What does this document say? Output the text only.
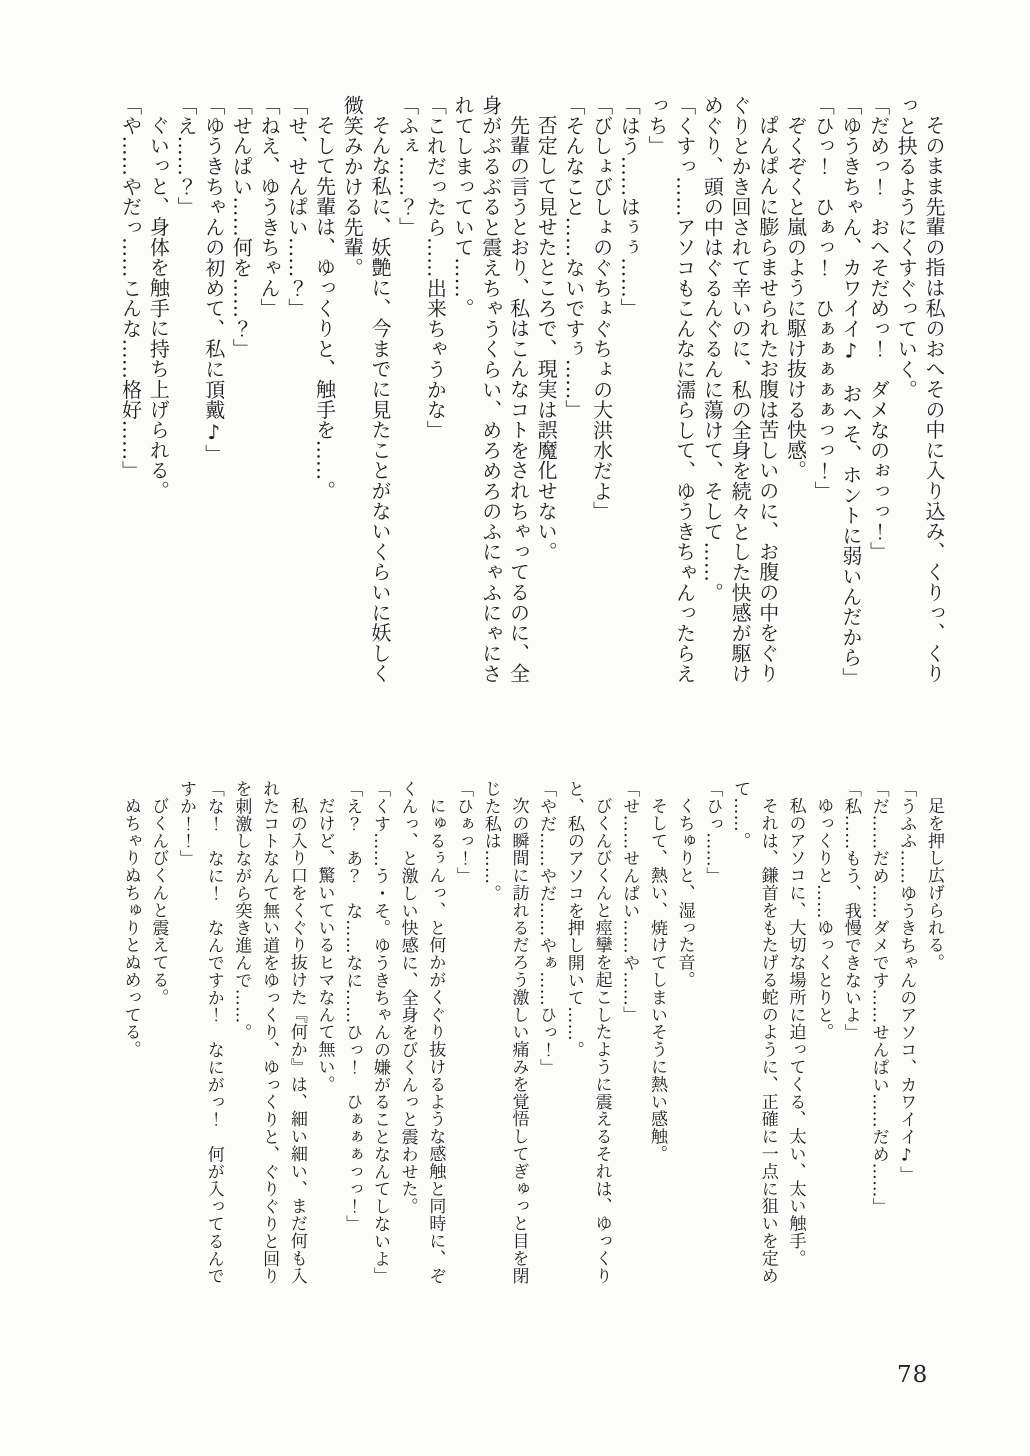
そのまま先輩の指は私のおへその中に入り込み、くりっ、くり
っと抉るようにくすぐっていく。
「だめっ！　おへそだめっ！　ダメなのぉっっ！」
「ゆうきちゃん、カワイイ♪　おへそ、ホントに弱いんだから」
「ひっ！　ひぁっ！　ひぁぁぁぁぁっっ！」
ぞくぞくと嵐のように駆け抜ける快感。
ぱんぱんに膨らませられたお腹は苦しいのに、お腹の中をぐり
ぐりとかき回されて辛いのに、私の全身を続々とした快感が駆け
めぐり、頭の中はぐるんぐるんに蕩けて、そして……。
「くすっ……アソコもこんなに濡らして、ゆうきちゃんったらえ
っち」
「はう……はぅぅ……」
「びしょびしょのぐちょぐちょの大洪水だよ」
「そんなこと……ないですぅ……」
否定して見せたところで、現実は誤魔化せない。
先輩の言うとおり、私はこんなコトをされちゃってるのに、全
身がぶるぶると震えちゃうくらい、めろめろのふにゃふにゃにさ
れてしまっていて……。
「これだったら……出来ちゃうかな」
「ふぇ……？」
そんな私に、妖艶に、今までに見たことがないくらいに妖しく
微笑みかける先輩。
そして先輩は、ゆっくりと、触手を……。
「せ、せんぱい……？」
「ねえ、ゆうきちゃん」
「せんぱい……何を……？」
「ゆうきちゃんの初めて、私に頂戴♪」
「え……？」
ぐいっと、身体を触手に持ち上げられる。
「や……やだっ……こんな……格好……」
足を押し広げられる。
「うふふ……ゆうきちゃんのアソコ、カワイイ♪」
「だ……だめ……ダメです……せんぱい……だめ……」
「私……もう、我慢できないよ」
ゆっくりと……ゆっくとりと。
私のアソコに、大切な場所に迫ってくる、太い、太い触手。
それは、鎌首をもたげる蛇のように、正確に一点に狙いを定め
て……。
「ひっ……」
くちゅりと、湿った音。
そして、熱い、焼けてしまいそうに熱い感触。
「せ……せんぱい……や……」
びくんびくんと痙攣を起こしたように震えるそれは、ゆっくり
と、私のアソコを押し開いて……。
「やだ……やだ……やぁ……ひっ！」
次の瞬間に訪れるだろう激しい痛みを覚悟してぎゅっと目を閉
じた私は……。
「ひぁっ！」
にゅるぅんっ、と何かがくぐり抜けるような感触と同時に、ぞ
くんっ、と激しい快感に、全身をびくんっと震わせた。
「くす……う・そ。ゆうきちゃんの嫌がることなんてしないよ」
「え？　あ？　な……なに……ひっ！　ひぁぁぁっっ！」
だけど、驚いているヒマなんて無い。
私の入り口をくぐり抜けた『何か』は、細い細い、まだ何も入
れたコトなんて無い道をゆっくり、ゆっくりと、ぐりぐりと回り
を刺激しながら突き進んで……。
「な！　なに！　なんですか！　なにがっ！　何が入ってるんで
すか！！」
びくんびくんと震えてる。
ぬちゃりぬちゅりとぬめってる。
78
